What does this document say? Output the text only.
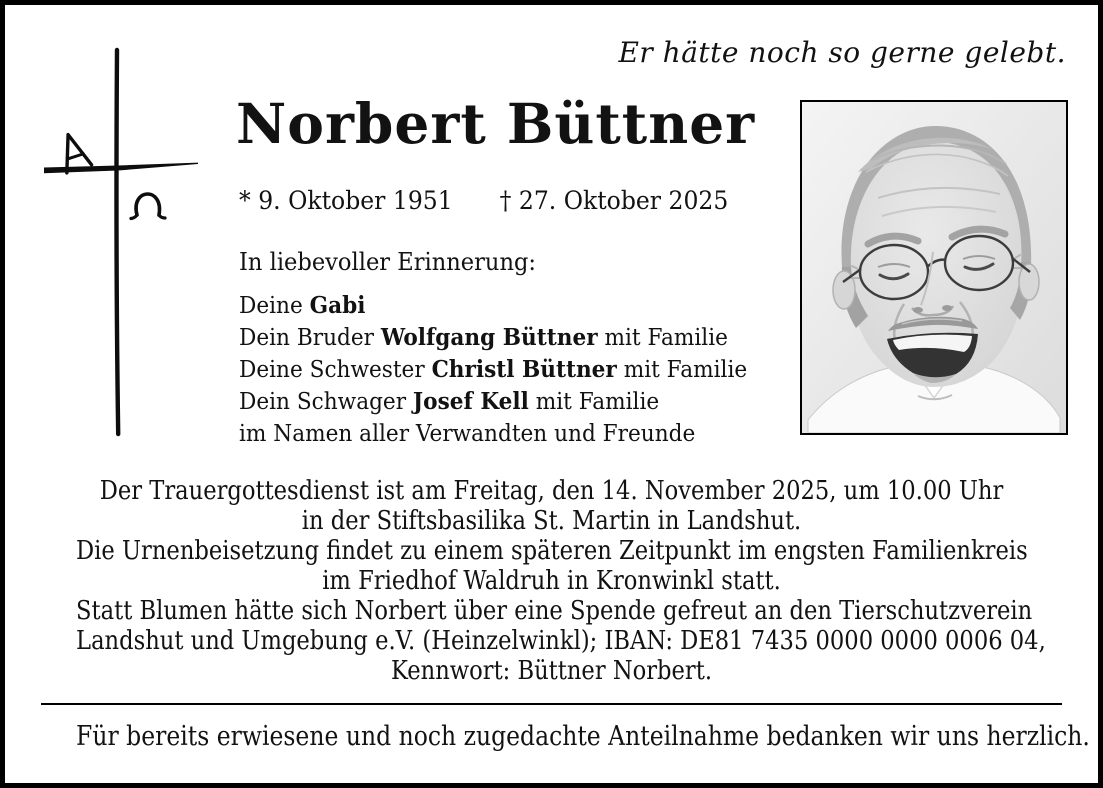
Er hätte noch so gerne gelebt.
Norbert Büttner
* 9. Oktober 1951 † 27. Oktober 2025
In liebevoller Erinnerung:
Deine Gabi
Dein Bruder Wolfgang Büttner mit Familie
Deine Schwester Christl Büttner mit Familie
Dein Schwager Josef Kell mit Familie
im Namen aller Verwandten und Freunde
Der Trauergottesdienst ist am Freitag, den 14. November 2025, um 10.00 Uhr
in der Stiftsbasilika St. Martin in Landshut.
Die Urnenbeisetzung findet zu einem späteren Zeitpunkt im engsten Familienkreis
im Friedhof Waldruh in Kronwinkl statt.
Statt Blumen hätte sich Norbert über eine Spende gefreut an den Tierschutzverein
Landshut und Umgebung e.V. (Heinzelwinkl); IBAN: DE81 7435 0000 0000 0006 04,
Kennwort: Büttner Norbert.
Für bereits erwiesene und noch zugedachte Anteilnahme bedanken wir uns herzlich.
